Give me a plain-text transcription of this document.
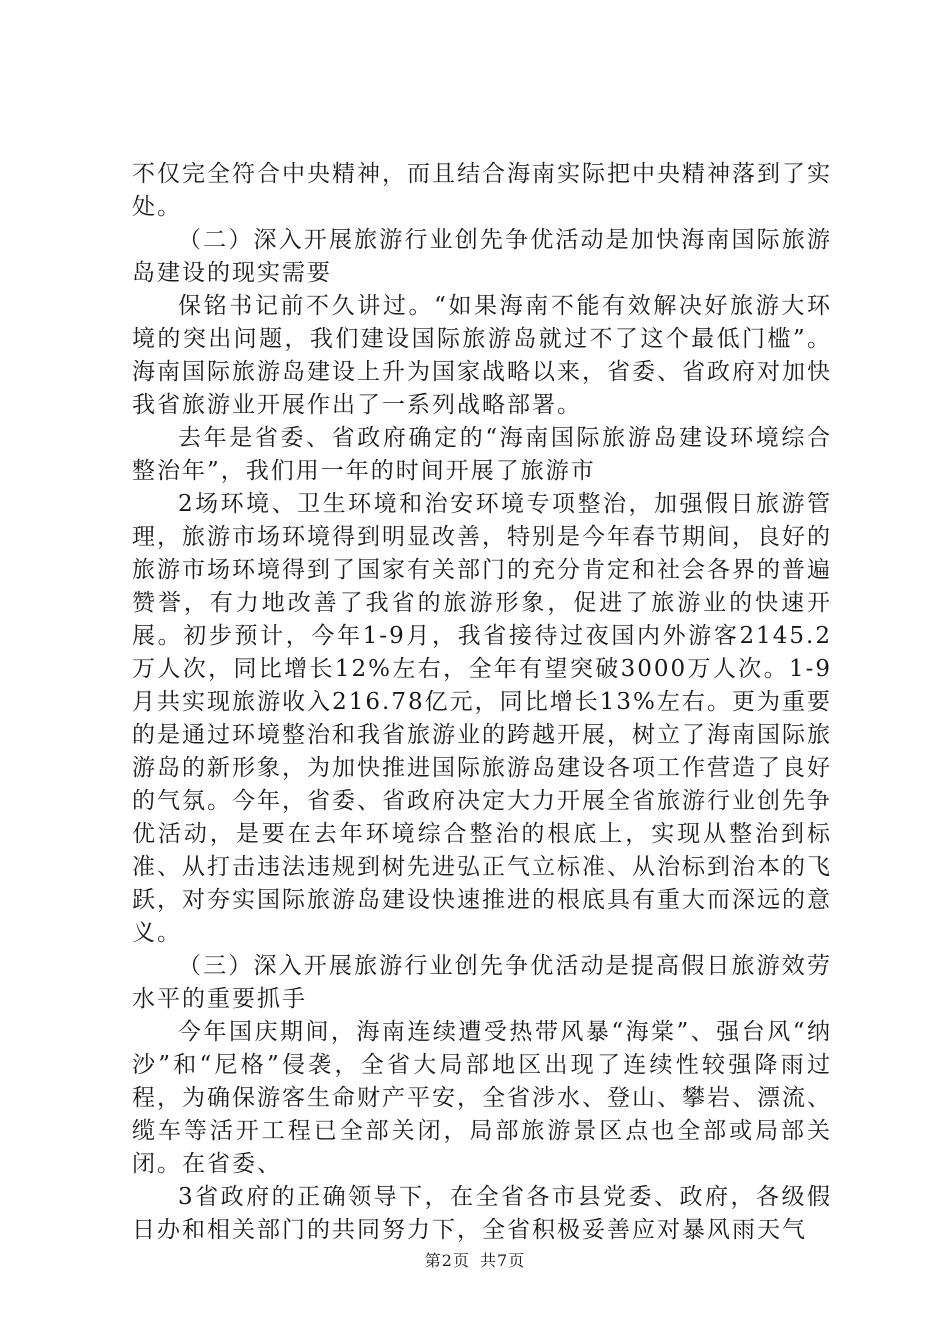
不仅完全符合中央精神，而且结合海南实际把中央精神落到了实处。

（二）深入开展旅游行业创先争优活动是加快海南国际旅游岛建设的现实需要

保铭书记前不久讲过。“如果海南不能有效解决好旅游大环境的突出问题，我们建设国际旅游岛就过不了这个最低门槛”。海南国际旅游岛建设上升为国家战略以来，省委、省政府对加快我省旅游业开展作出了一系列战略部署。

去年是省委、省政府确定的“海南国际旅游岛建设环境综合整治年”，我们用一年的时间开展了旅游市

2场环境、卫生环境和治安环境专项整治，加强假日旅游管理，旅游市场环境得到明显改善，特别是今年春节期间，良好的旅游市场环境得到了国家有关部门的充分肯定和社会各界的普遍赞誉，有力地改善了我省的旅游形象，促进了旅游业的快速开展。初步预计，今年1-9月，我省接待过夜国内外游客2145.2万人次，同比增长12%左右，全年有望突破3000万人次。1-9月共实现旅游收入216.78亿元，同比增长13%左右。更为重要的是通过环境整治和我省旅游业的跨越开展，树立了海南国际旅游岛的新形象，为加快推进国际旅游岛建设各项工作营造了良好的气氛。今年，省委、省政府决定大力开展全省旅游行业创先争优活动，是要在去年环境综合整治的根底上，实现从整治到标准、从打击违法违规到树先进弘正气立标准、从治标到治本的飞跃，对夯实国际旅游岛建设快速推进的根底具有重大而深远的意义。

（三）深入开展旅游行业创先争优活动是提高假日旅游效劳水平的重要抓手

今年国庆期间，海南连续遭受热带风暴“海棠”、强台风“纳沙”和“尼格”侵袭，全省大局部地区出现了连续性较强降雨过程，为确保游客生命财产平安，全省涉水、登山、攀岩、漂流、缆车等活开工程已全部关闭，局部旅游景区点也全部或局部关闭。在省委、

3省政府的正确领导下，在全省各市县党委、政府，各级假日办和相关部门的共同努力下，全省积极妥善应对暴风雨天气

第2页 共7页
